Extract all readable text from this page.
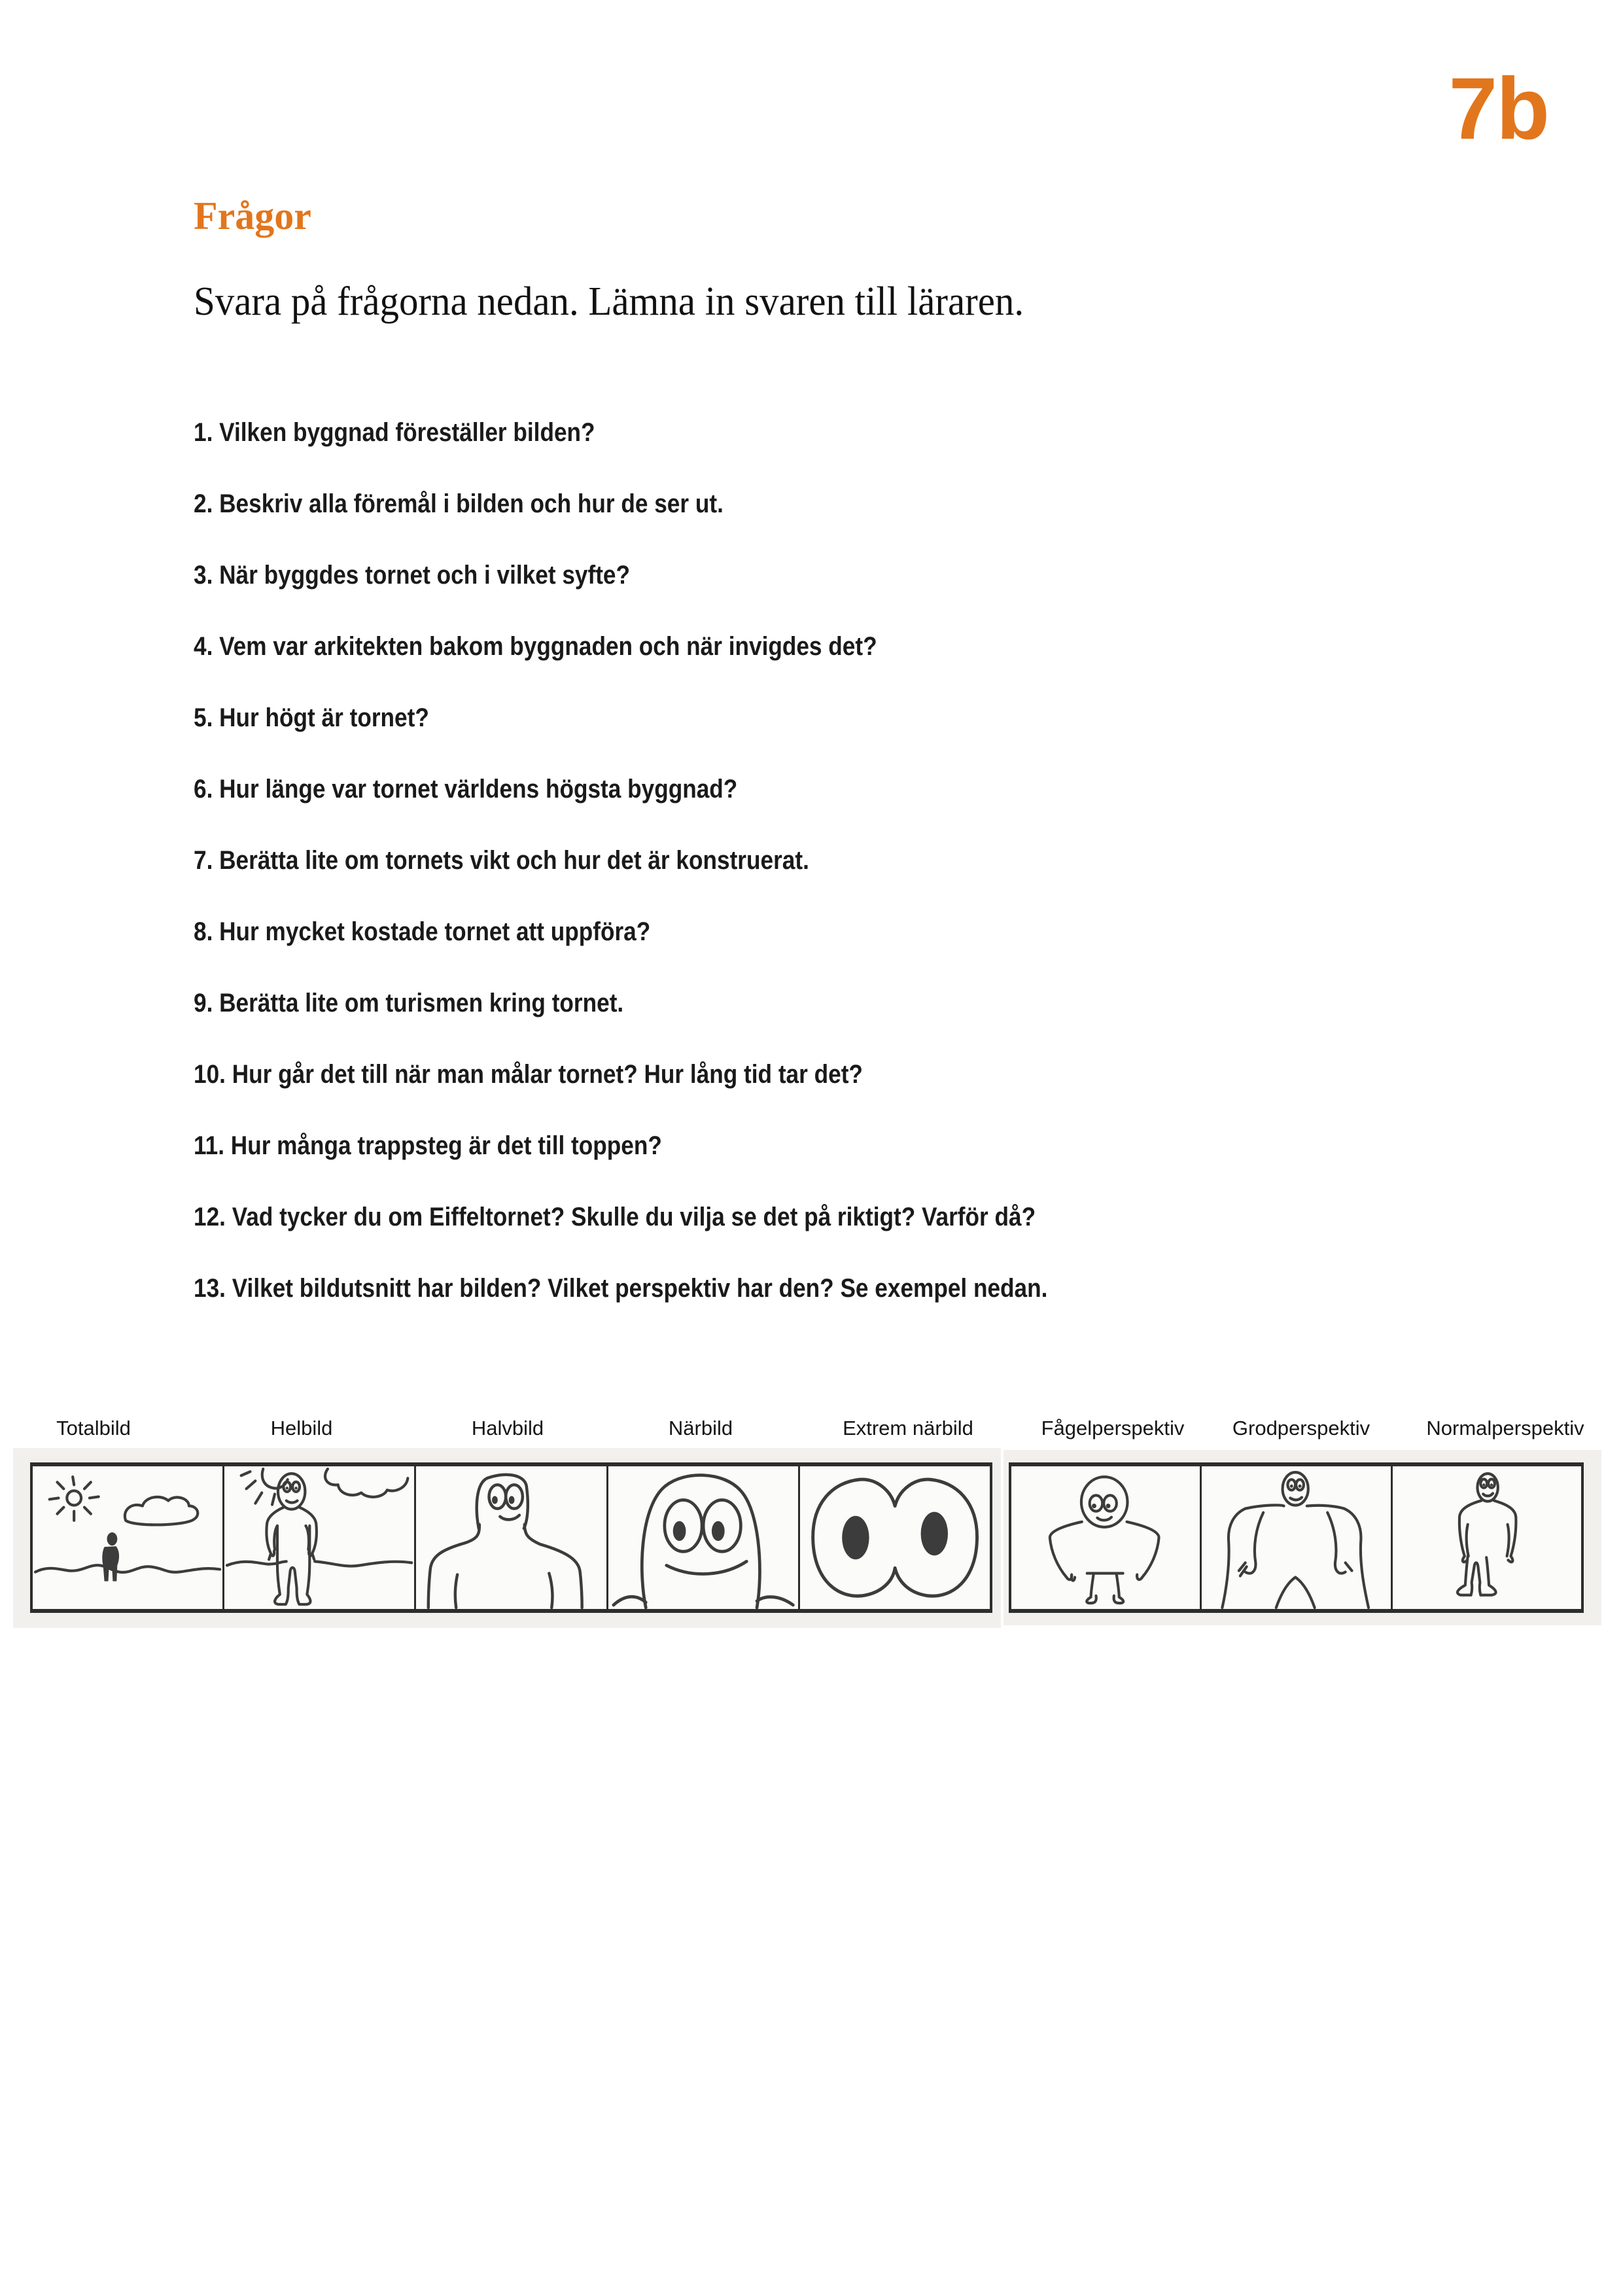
7b
Frågor
Svara på frågorna nedan. Lämna in svaren till läraren.

1. Vilken byggnad föreställer bilden?

2. Beskriv alla föremål i bilden och hur de ser ut.

3. När byggdes tornet och i vilket syfte?

4. Vem var arkitekten bakom byggnaden och när invigdes det?

5. Hur högt är tornet?

6. Hur länge var tornet världens högsta byggnad?

7. Berätta lite om tornets vikt och hur det är konstruerat.

8. Hur mycket kostade tornet att uppföra?

9. Berätta lite om turismen kring tornet.

10. Hur går det till när man målar tornet? Hur lång tid tar det?

11. Hur många trappsteg är det till toppen?

12. Vad tycker du om Eiffeltornet? Skulle du vilja se det på riktigt? Varför då?

13. Vilket bildutsnitt har bilden? Vilket perspektiv har den? Se exempel nedan.

Totalbild	Helbild	Halvbild	Närbild	Extrem närbild	Fågelperspektiv Grodperspektiv	Normalperspektiv
